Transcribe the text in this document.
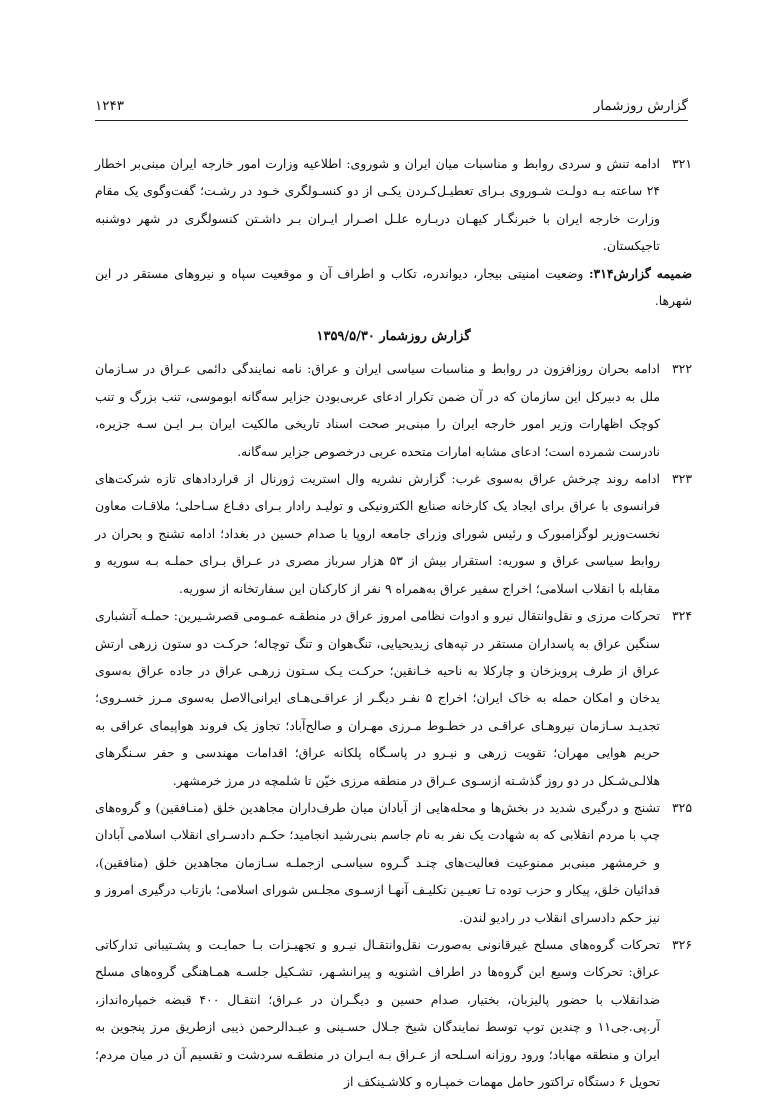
گزارش روزشمار
۱۲۴۳

۳۲۱
ادامه تنش و سردی روابط و مناسبات میان ایران و شوروی: اطلاعیه وزارت امور خارجه ایران مبنی‌بر اخطار ۲۴ ساعته بـه دولـت شـوروی بـرای تعطیـل‌کـردن یکـی از دو کنسـولگری خـود در رشـت؛ گفت‌وگوی یک مقام وزارت خارجه ایران با خبرنگـار کیهـان دربـاره علـل اصـرار ایـران بـر داشـتن کنسولگری در شهر دوشنبه تاجیکستان.

ضمیمه گزارش۳۱۴: وضعیت امنیتی بیجار، دیواندره، تکاب و اطراف آن و موقعیت سپاه و نیروهای مستقر در این شهرها.

گزارش روزشمار ۱۳۵۹/۵/۳۰

۳۲۲
ادامه بحران روزافزون در روابط و مناسبات سیاسی ایران و عراق: نامه نمایندگی دائمی عـراق در سـازمان ملل به دبیرکل این سازمان که در آن ضمن تکرار ادعای عربی‌بودن جزایر سه‌گانه ابوموسی، تنب بزرگ و تنب کوچک اظهارات وزیر امور خارجه ایران را مبنی‌بر صحت اسناد تاریخی مالکیت ایران بـر ایـن سـه جزیره، نادرست شمرده است؛ ادعای مشابه امارات متحده عربی درخصوص جزایر سه‌گانه.

۳۲۳
ادامه روند چرخش عراق به‌سوی غرب: گزارش نشریه وال استریت ژورنال از قراردادهای تازه شرکت‌های فرانسوی با عراق برای ایجاد یک کارخانه صنایع الکترونیکی و تولیـد رادار بـرای دفـاع سـاحلی؛ ملاقـات معاون نخست‌وزیر لوگزامبورک و رئیس شورای وزرای جامعه اروپا با صدام حسین در بغداد؛ ادامه تشنج و بحران در روابط سیاسی عراق و سوریه: استقرار بیش از ۵۳ هزار سرباز مصری در عـراق بـرای حملـه بـه سوریه و مقابله با انقلاب اسلامی؛ اخراج سفیر عراق به‌همراه ۹ نفر از کارکنان این سفارتخانه از سوریه.

۳۲۴
تحرکات مرزی و نقل‌وانتقال نیرو و ادوات نظامی امروز عراق در منطقـه عمـومی قصرشـیرین: حملـه آتشباری سنگین عراق به پاسداران مستقر در تپه‌های زیدیحیایی، تنگ‌هوان و تنگ توچاله؛ حرکـت دو ستون زرهی ارتش عراق از طرف پرویزخان و چارکلا به ناحیه خـانقین؛ حرکـت یـک سـتون زرهـی عراق در جاده عراق به‌سوی یدخان و امکان حمله به خاک ایران؛ اخراج ۵ نفـر دیگـر از عراقـی‌هـای ایرانی‌الاصل به‌سوی مـرز خسـروی؛ تجدیـد سـازمان نیروهـای عراقـی در خطـوط مـرزی مهـران و صالح‌آباد؛ تجاوز یک فروند هواپیمای عراقی به حریم هوایی مهران؛ تقویت زرهی و نیـرو در پاسـگاه پلکانه عراق؛ اقدامات مهندسی و حفر سـنگرهای هلالـی‌شـکل در دو روز گذشـته ازسـوی عـراق در منطقه مرزی خیّن تا شلمچه در مرز خرمشهر.

۳۲۵
تشنج و درگیری شدید در بخش‌ها و محله‌هایی از آبادان میان طرف‌داران مجاهدین خلق (منـافقین) و گروه‌های چپ با مردم انقلابی که به شهادت یک نفر به نام جاسم بنی‌رشید انجامید؛ حکـم دادسـرای انقلاب اسلامی آبادان و خرمشهر مبنی‌بر ممنوعیت فعالیت‌های چنـد گـروه سیاسـی ازجملـه سـازمان مجاهدین خلق (منافقین)، فدائیان خلق، پیکار و حزب توده تـا تعیـین تکلیـف آنهـا ازسـوی مجلـس شورای اسلامی؛ بازتاب درگیری امروز و نیز حکم دادسرای انقلاب در رادیو لندن.

۳۲۶
تحرکات گروه‌های مسلح غیرقانونی به‌صورت نقل‌وانتقـال نیـرو و تجهیـزات بـا حمایـت و پشـتیبانی تدارکاتی عراق: تحرکات وسیع این گروه‌ها در اطراف اشنویه و پیرانشـهر، تشـکیل جلسـه همـاهنگی گروه‌های مسلح ضدانقلاب با حضور پالیزبان، بختیار، صدام حسین و دیگـران در عـراق؛ انتقـال ۴۰۰ قبضه خمپاره‌انداز، آر.پی.جی۱۱ و چندین توپ توسط نمایندگان شیخ جـلال حسـینی و عبـدالرحمن ذیبی ازطریق مرز پنجوین به ایران و منطقه مهاباد؛ ورود روزانه اسـلحه از عـراق بـه ایـران در منطقـه سردشت و تقسیم آن در میان مردم؛ تحویل ۶ دستگاه تراکتور حامل مهمات خمپـاره و کلاشـینکف از
